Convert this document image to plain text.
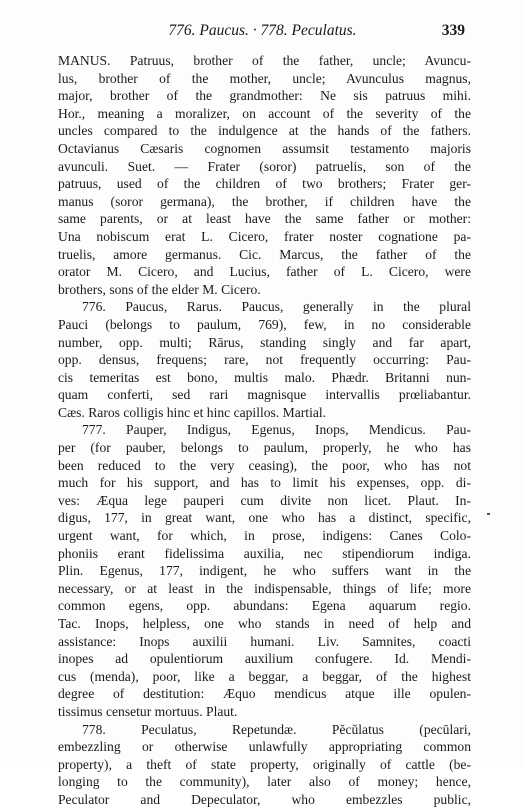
776. Paucus. · 778. Peculatus.	339
MANUS. Patruus, brother of the father, uncle; Avuncu-
lus, brother of the mother, uncle; Avunculus magnus,
major, brother of the grandmother: Ne sis patruus mihi.
Hor., meaning a moralizer, on account of the severity of the
uncles compared to the indulgence at the hands of the fathers.
Octavianus Cæsaris cognomen assumsit testamento majoris
avunculi. Suet. — Frater (soror) patruelis, son of the
patruus, used of the children of two brothers; Frater ger-
manus (soror germana), the brother, if children have the
same parents, or at least have the same father or mother:
Una nobiscum erat L. Cicero, frater noster cognatione pa-
truelis, amore germanus. Cic. Marcus, the father of the
orator M. Cicero, and Lucius, father of L. Cicero, were
brothers, sons of the elder M. Cicero.
776. Paucus, Rarus. Paucus, generally in the plural
Pauci (belongs to paulum, 769), few, in no considerable
number, opp. multi; Rārus, standing singly and far apart,
opp. densus, frequens; rare, not frequently occurring: Pau-
cis temeritas est bono, multis malo. Phædr. Britanni nun-
quam conferti, sed rari magnisque intervallis prœliabantur.
Cæs. Raros colligis hinc et hinc capillos. Martial.
777. Pauper, Indigus, Egenus, Inops, Mendicus. Pau-
per (for pauber, belongs to paulum, properly, he who has
been reduced to the very ceasing), the poor, who has not
much for his support, and has to limit his expenses, opp. di-
ves: Æqua lege pauperi cum divite non licet. Plaut. In-
digus, 177, in great want, one who has a distinct, specific,
urgent want, for which, in prose, indigens: Canes Colo-
phoniis erant fidelissima auxilia, nec stipendiorum indiga.
Plin. Egenus, 177, indigent, he who suffers want in the
necessary, or at least in the indispensable, things of life; more
common egens, opp. abundans: Egena aquarum regio.
Tac. Inops, helpless, one who stands in need of help and
assistance: Inops auxilii humani. Liv. Samnites, coacti
inopes ad opulentiorum auxilium confugere. Id. Mendi-
cus (menda), poor, like a beggar, a beggar, of the highest
degree of destitution: Æquo mendicus atque ille opulen-
tissimus censetur mortuus. Plaut.
778. Peculatus, Repetundæ. Pĕcŭlatus (pecūlari,
embezzling or otherwise unlawfully appropriating common
property), a theft of state property, originally of cattle (be-
longing to the community), later also of money; hence,
Peculator and Depeculator, who embezzles public,
